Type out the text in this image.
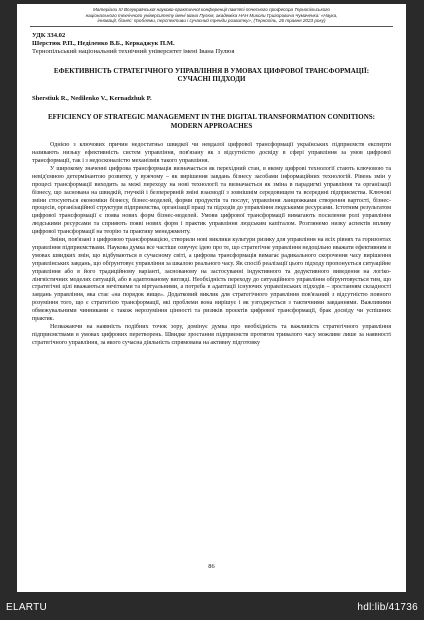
Матеріали XI Всеукраїнської науково-практичної конференції пам'яті почесного професора Тернопільського
національного технічного університету імені Івана Пулюя, академіка НАН Миколи Григоровича Чумаченка: «Наука,
інновації, бізнес: проблеми, перспективи і сучасний тренди розвитку», (Тернопіль, 26 травня 2023 року)
УДК 334.02
Шерстюк Р.П., Неділенко В.Б., Керкаджук П.М.
Тернопільський національний технічний університет імені Івана Пулюя
ЕФЕКТИВНІСТЬ СТРАТЕГІЧНОГО УПРАВЛІННЯ В УМОВАХ ЦИФРОВОЇ ТРАНСФОРМАЦІЇ: СУЧАСНІ ПІДХОДИ
Sherstiuk R., Nedilenko V., Kernadzhuk P.
EFFICIENCY OF STRATEGIC MANAGEMENT IN THE DIGITAL TRANSFORMATION CONDITIONS: MODERN APPROACHES

Однією з ключових причин недостатньо швидкої чи невдалої цифрової трансформації українських підприємств експерти називають низьку ефективність систем управління, пов'язану як з відсутністю досвіду в сфері управління за умов цифрової трансформації, так і з недосконалістю механізмів такого управління.

У широкому значенні цифрова трансформація визначається як перехідний стан, в якому цифрові технології стають ключовою та невід'ємною детермінантою розвитку, у вужчому – як вирішення завдань бізнесу засобами інформаційних технологій. Рівень змін у процесі трансформації виходить за межі переходу на нові технології та визначається як зміна в парадигмі управління та організації бізнесу, що заснована на швидкій, гнучкій і безперервній зміні взаємодії з зовнішнім середовищем та всередині підприємства. Ключові зміни стосуються економіки бізнесу, бізнес-моделей, форми продуктів та послуг, управління ланцюжками створення вартості, бізнес-процесів, організаційної структури підприємства, організації праці та підходів до управління людськими ресурсами. Істотним результатом цифрової трансформації є поява нових форм бізнес-моделей. Умови цифрової трансформації вимагають посилення ролі управління людськими ресурсами та сприяють появі нових форм і практик управління людським капіталом. Розглянемо низку аспектів впливу цифрової трансформації на теорію та практику менеджменту.

Зміни, пов'язані з цифровою трансформацією, створили нові виклики культури ризику для управління на всіх рівнях та горизонтах управління підприємствами. Наукова думка все частіше озвучує ідею про те, що стратегічне управління недоцільно вважати ефективним в умовах швидких змін, що відбуваються в сучасному світі, а цифрова трансформація вимагає радикального скорочення часу вирішення управлінських завдань, що обґрунтовує управління за шкалою реального часу. Як спосіб реалізації цього підходу пропонується ситуаційне управління або в його традиційному варіанті, заснованому на застосуванні індуктивного та дедуктивного виведення на логіко-лінгвістичних моделях ситуацій, або в адаптованому вигляді. Необхідність переходу до ситуаційного управління обґрунтовується тим, що стратегічні цілі вважаються нечіткими та віртуальними, а потреба в адаптації існуючих управлінських підходів – зростанням складності завдань управління, яка стає «на порядок вище». Додатковий виклик для стратегічного управління пов'язаний з відсутністю повного розуміння того, що є стратегією трансформації, які проблеми вона вирішує і як узгоджується з тактичними завданнями. Важливими обмежувальними чинниками є також нерозуміння цінності та ризиків проєктів цифрової трансформації, брак досвіду чи успішних практик.

Незважаючи на наявність подібних точок зору, домінує думка про необхідність та важливість стратегічного управління підприємствами в умовах цифрових перетворень. Швидке зростання підприємств протягом тривалого часу можливе лише за наявності стратегічного управління, за якого сучасна діяльність спрямована на активну підготовку

86
ELARTU	hdl:lib/41736
